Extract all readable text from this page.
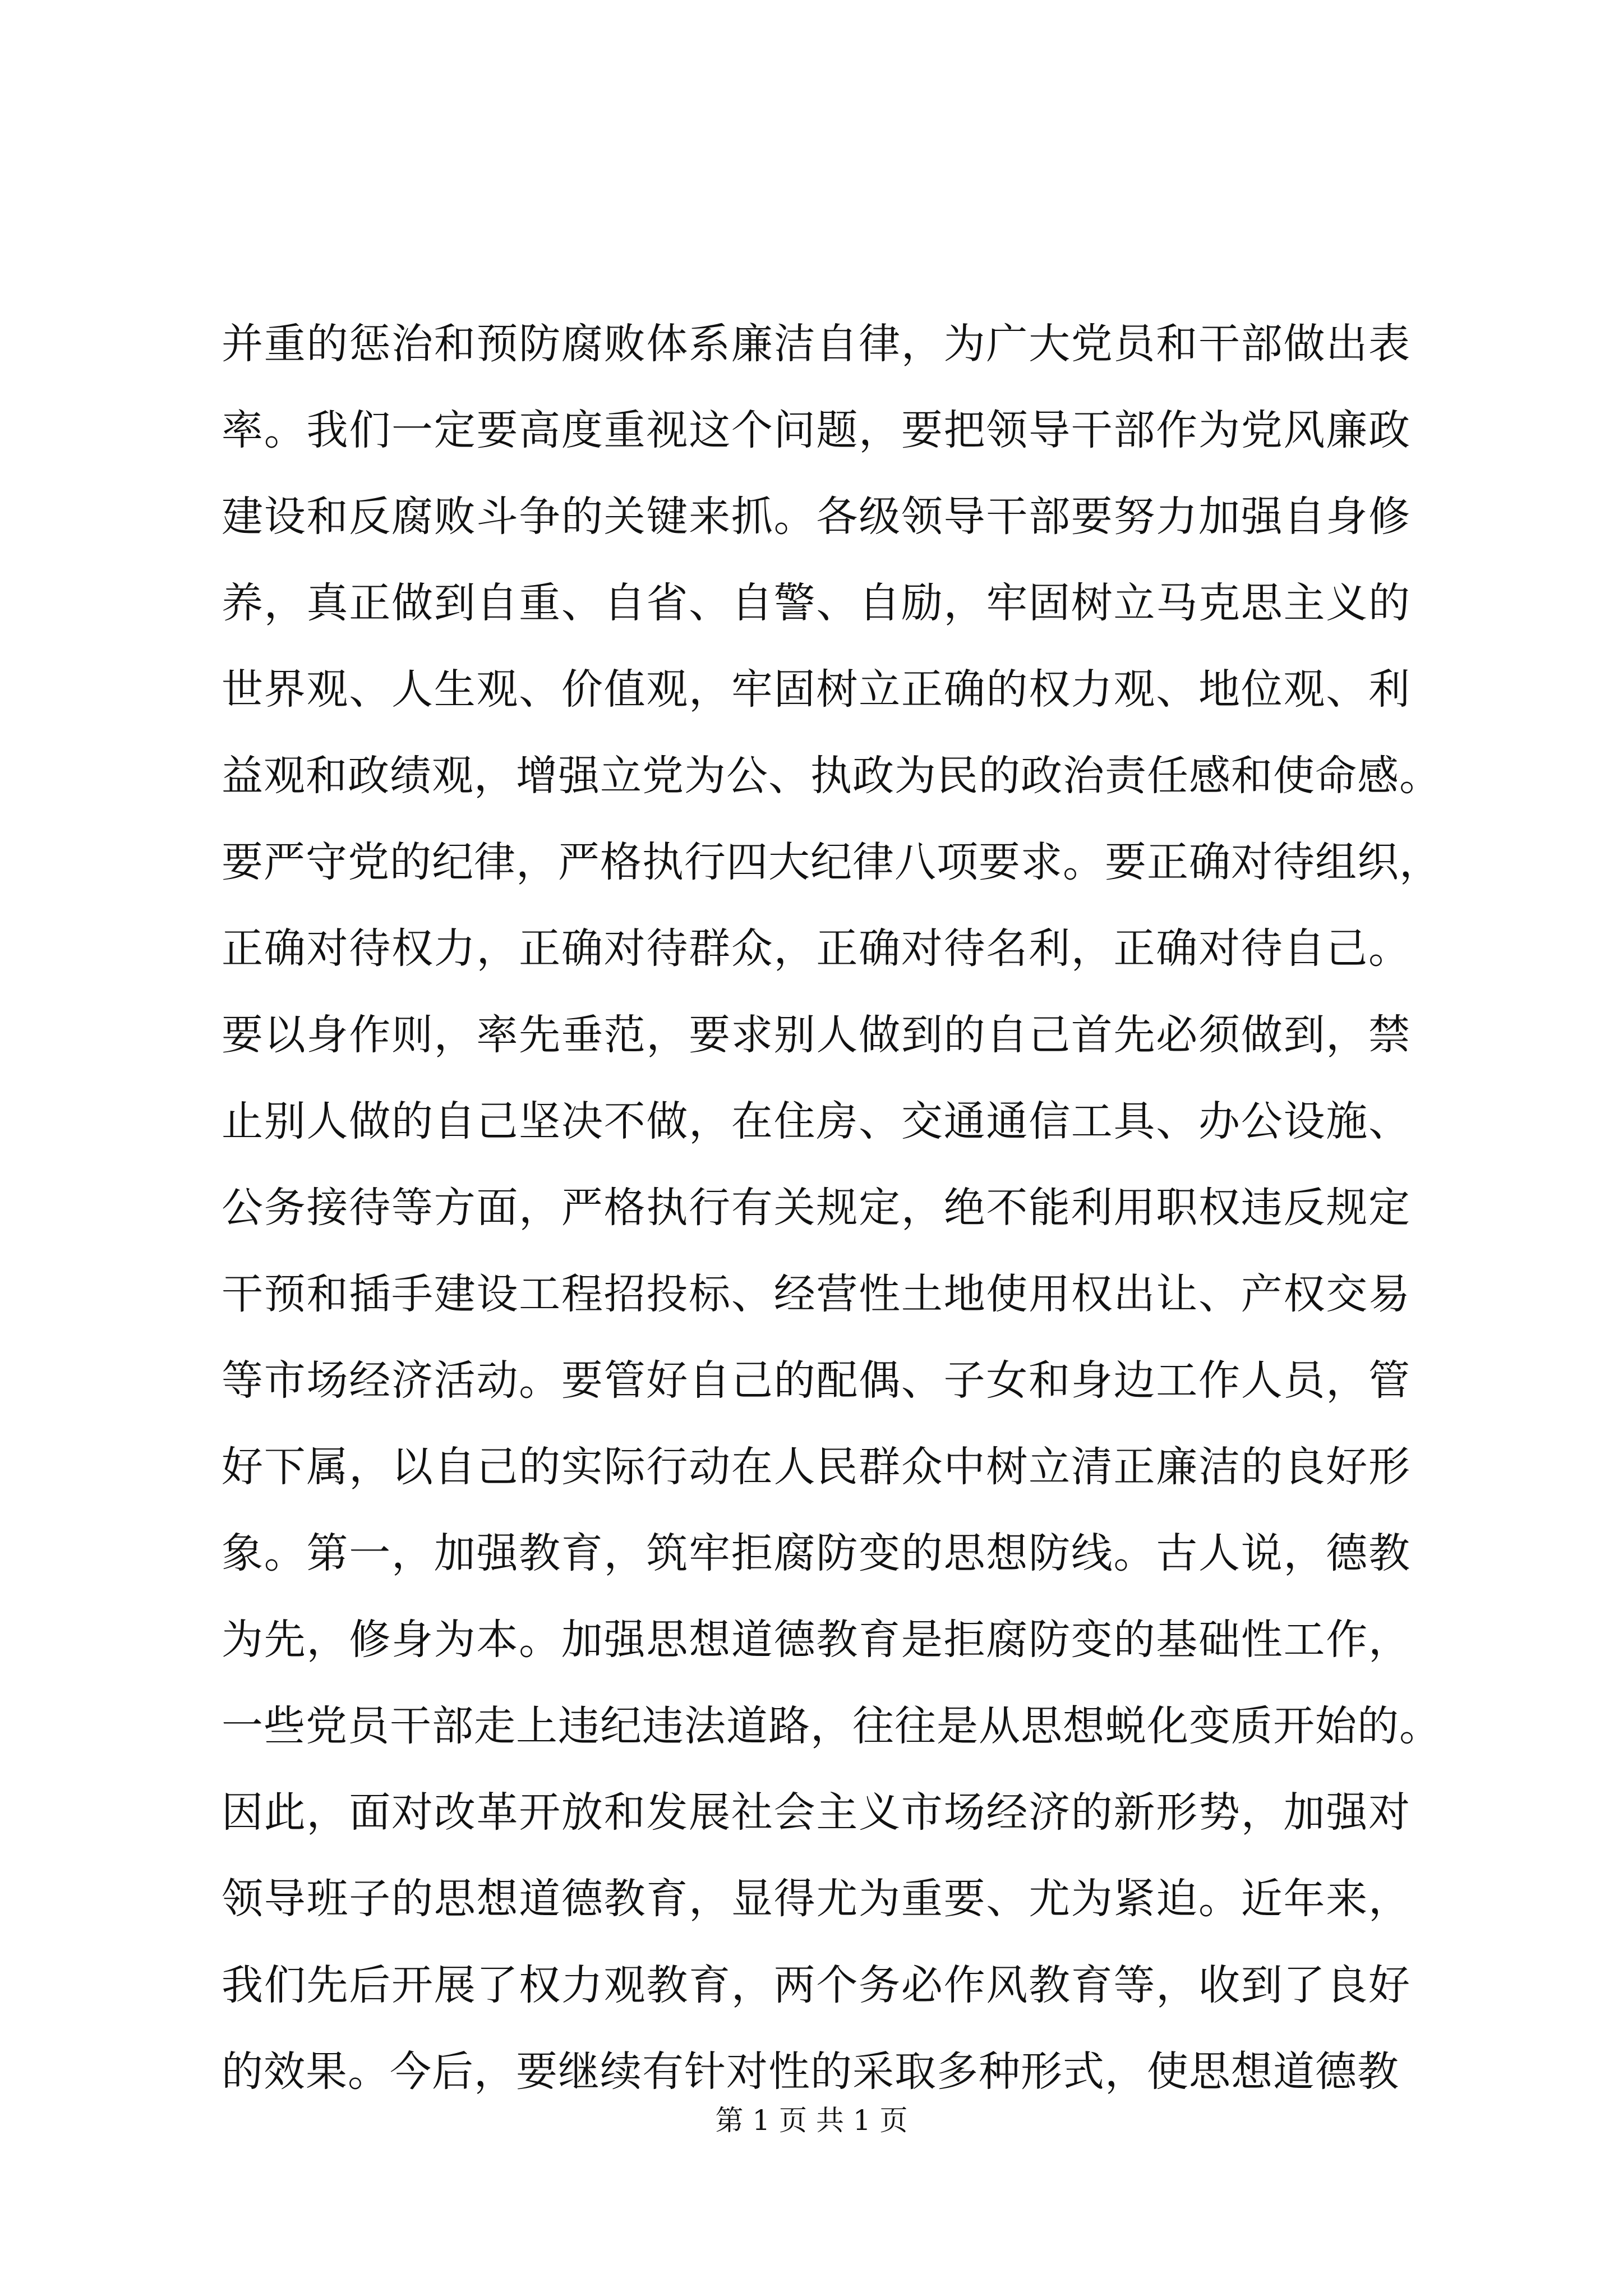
并重的惩治和预防腐败体系廉洁自律，为广大党员和干部做出表
率。我们一定要高度重视这个问题，要把领导干部作为党风廉政
建设和反腐败斗争的关键来抓。各级领导干部要努力加强自身修
养，真正做到自重、自省、自警、自励，牢固树立马克思主义的
世界观、人生观、价值观，牢固树立正确的权力观、地位观、利
益观和政绩观，增强立党为公、执政为民的政治责任感和使命感。
要严守党的纪律，严格执行四大纪律八项要求。要正确对待组织，
正确对待权力，正确对待群众，正确对待名利，正确对待自己。
要以身作则，率先垂范，要求别人做到的自己首先必须做到，禁
止别人做的自己坚决不做，在住房、交通通信工具、办公设施、
公务接待等方面，严格执行有关规定，绝不能利用职权违反规定
干预和插手建设工程招投标、经营性土地使用权出让、产权交易
等市场经济活动。要管好自己的配偶、子女和身边工作人员，管
好下属，以自己的实际行动在人民群众中树立清正廉洁的良好形
象。第一，加强教育，筑牢拒腐防变的思想防线。古人说，德教
为先，修身为本。加强思想道德教育是拒腐防变的基础性工作，
一些党员干部走上违纪违法道路，往往是从思想蜕化变质开始的。
因此，面对改革开放和发展社会主义市场经济的新形势，加强对
领导班子的思想道德教育，显得尤为重要、尤为紧迫。近年来，
我们先后开展了权力观教育，两个务必作风教育等，收到了良好
的效果。今后，要继续有针对性的采取多种形式，使思想道德教
第 1 页 共 1 页
